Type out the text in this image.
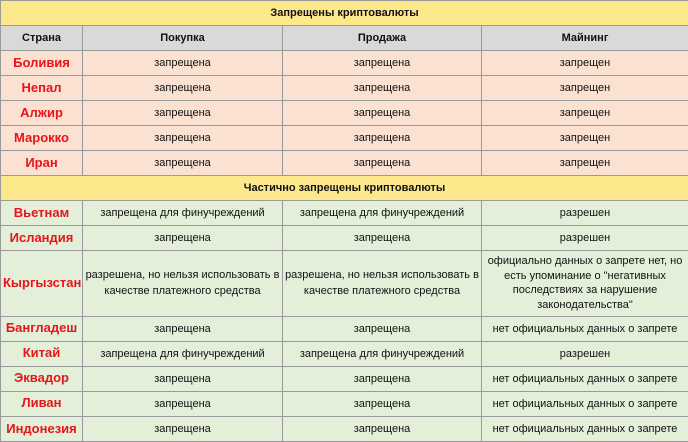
Запрещены криптовалюты			
Страна	Покупка	Продажа	Майнинг
Боливия	запрещена	запрещена	запрещен
Непал	запрещена	запрещена	запрещен
Алжир	запрещена	запрещена	запрещен
Марокко	запрещена	запрещена	запрещен
Иран	запрещена	запрещена	запрещен
Частично запрещены криптовалюты			
Вьетнам	запрещена для финучреждений	запрещена для финучреждений	разрешен
Исландия	запрещена	запрещена	разрешен
Кыргызстан	разрешена, но нельзя использовать в качестве платежного средства	разрешена, но нельзя использовать в качестве платежного средства	официально данных о запрете нет, но есть упоминание о "негативных последствиях за нарушение законодательства"
Бангладеш	запрещена	запрещена	нет официальных данных о запрете
Китай	запрещена для финучреждений	запрещена для финучреждений	разрешен
Эквадор	запрещена	запрещена	нет официальных данных о запрете
Ливан	запрещена	запрещена	нет официальных данных о запрете
Индонезия	запрещена	запрещена	нет официальных данных о запрете
